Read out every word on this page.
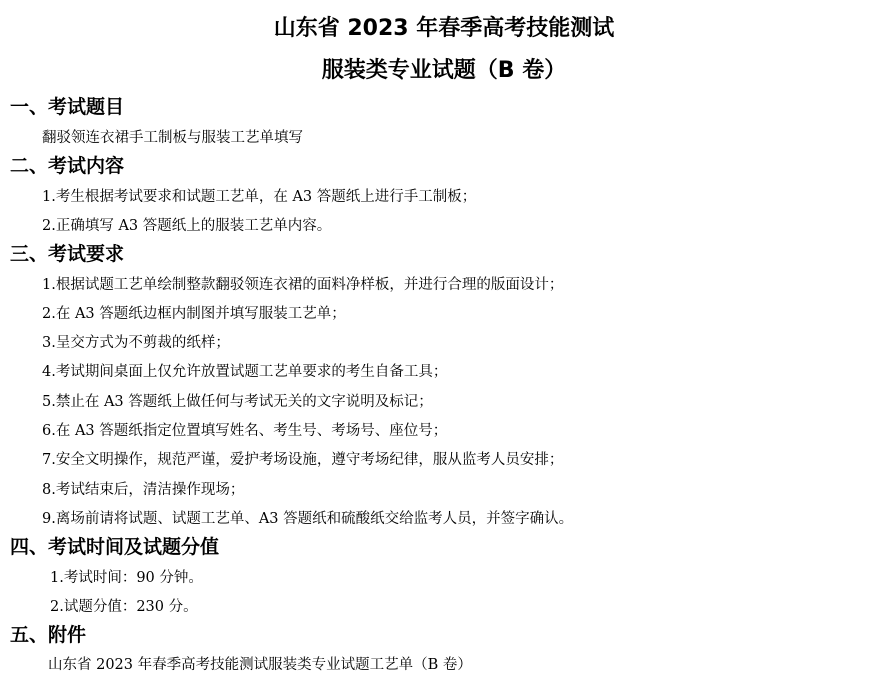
山东省 2023 年春季高考技能测试
服装类专业试题（B 卷）
一、考试题目
翻驳领连衣裙手工制板与服装工艺单填写
二、考试内容
1.考生根据考试要求和试题工艺单，在 A3 答题纸上进行手工制板；
2.正确填写 A3 答题纸上的服装工艺单内容。
三、考试要求
1.根据试题工艺单绘制整款翻驳领连衣裙的面料净样板，并进行合理的版面设计；
2.在 A3 答题纸边框内制图并填写服装工艺单；
3.呈交方式为不剪裁的纸样；
4.考试期间桌面上仅允许放置试题工艺单要求的考生自备工具；
5.禁止在 A3 答题纸上做任何与考试无关的文字说明及标记；
6.在 A3 答题纸指定位置填写姓名、考生号、考场号、座位号；
7.安全文明操作，规范严谨，爱护考场设施，遵守考场纪律，服从监考人员安排；
8.考试结束后，清洁操作现场；
9.离场前请将试题、试题工艺单、A3 答题纸和硫酸纸交给监考人员，并签字确认。
四、考试时间及试题分值
1.考试时间：90 分钟。
2.试题分值：230 分。
五、附件
山东省 2023 年春季高考技能测试服装类专业试题工艺单（B 卷）
